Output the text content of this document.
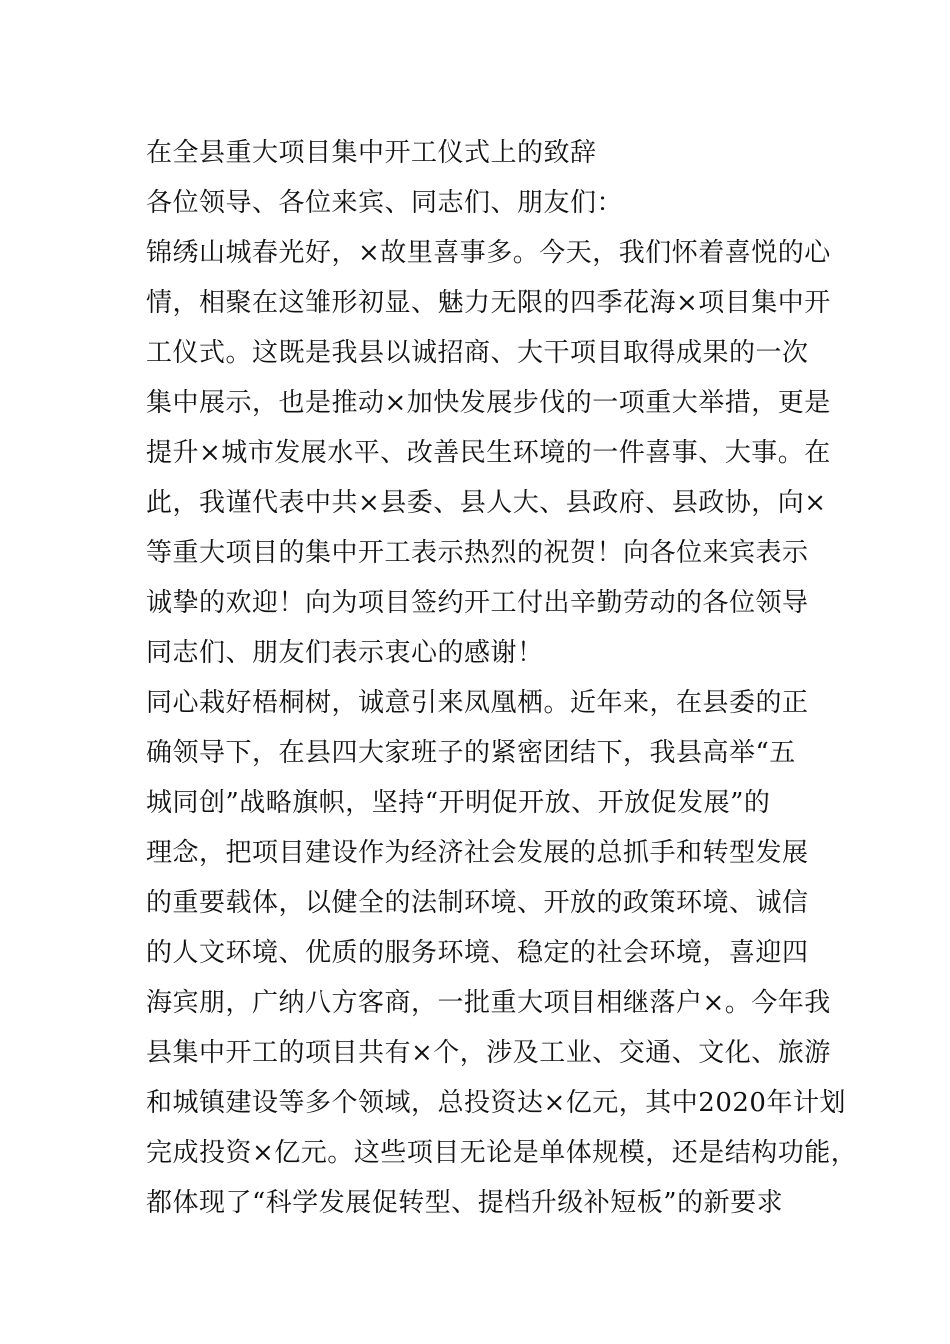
在全县重大项目集中开工仪式上的致辞
各位领导、各位来宾、同志们、朋友们：
锦绣山城春光好，×故里喜事多。今天，我们怀着喜悦的心
情，相聚在这雏形初显、魅力无限的四季花海×项目集中开
工仪式。这既是我县以诚招商、大干项目取得成果的一次
集中展示，也是推动×加快发展步伐的一项重大举措，更是
提升×城市发展水平、改善民生环境的一件喜事、大事。在
此，我谨代表中共×县委、县人大、县政府、县政协，向×
等重大项目的集中开工表示热烈的祝贺！向各位来宾表示
诚挚的欢迎！向为项目签约开工付出辛勤劳动的各位领导
同志们、朋友们表示衷心的感谢！
同心栽好梧桐树，诚意引来凤凰栖。近年来，在县委的正
确领导下，在县四大家班子的紧密团结下，我县高举“五
城同创”战略旗帜，坚持“开明促开放、开放促发展”的
理念，把项目建设作为经济社会发展的总抓手和转型发展
的重要载体，以健全的法制环境、开放的政策环境、诚信
的人文环境、优质的服务环境、稳定的社会环境，喜迎四
海宾朋，广纳八方客商，一批重大项目相继落户×。今年我
县集中开工的项目共有×个，涉及工业、交通、文化、旅游
和城镇建设等多个领域，总投资达×亿元，其中2020年计划
完成投资×亿元。这些项目无论是单体规模，还是结构功能，
都体现了“科学发展促转型、提档升级补短板”的新要求
